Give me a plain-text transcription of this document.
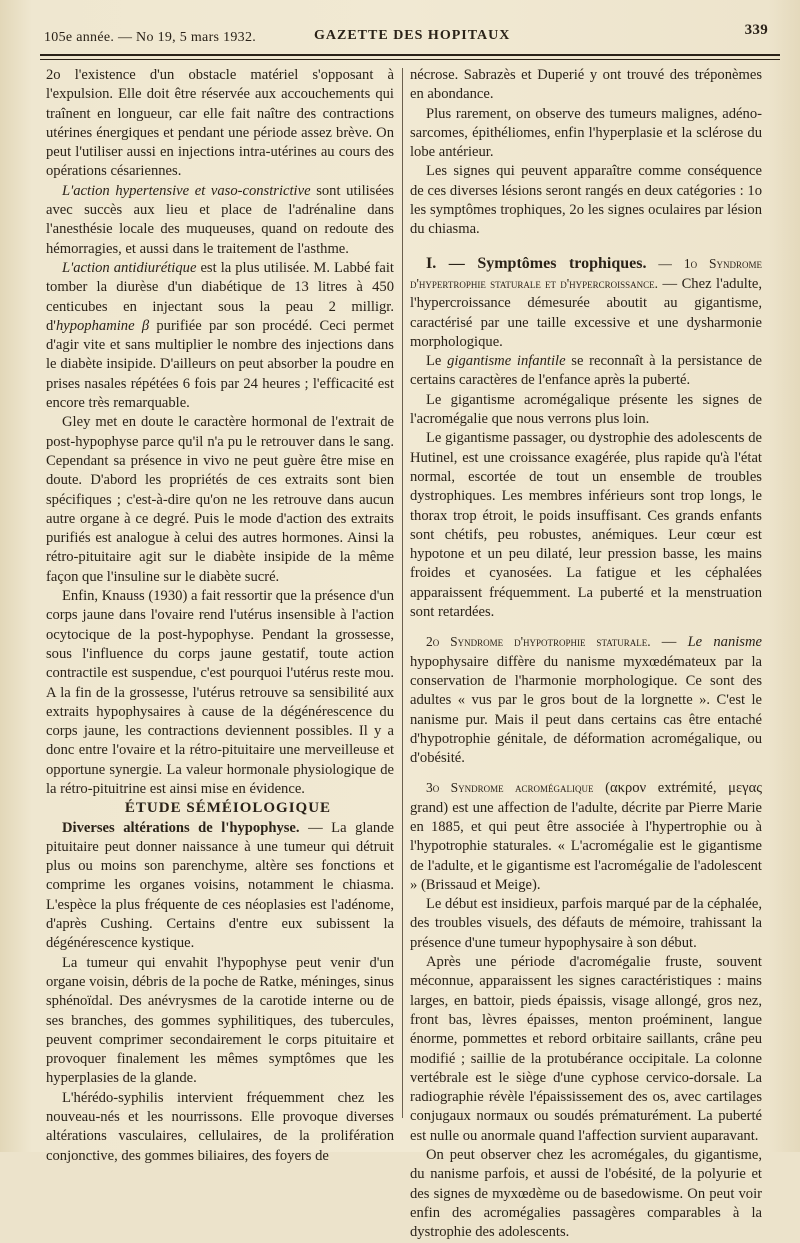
105e année. — No 19, 5 mars 1932.	GAZETTE DES HOPITAUX	339

2o l'existence d'un obstacle matériel s'opposant à l'expulsion. Elle doit être réservée aux accouchements qui traînent en longueur, car elle fait naître des contractions utérines énergiques et pendant une période assez brève. On peut l'utiliser aussi en injections intra-utérines au cours des opérations césariennes.

L'action hypertensive et vaso-constrictive sont utilisées avec succès aux lieu et place de l'adrénaline dans l'anesthésie locale des muqueuses, quand on redoute des hémorragies, et aussi dans le traitement de l'asthme.

L'action antidiurétique est la plus utilisée. M. Labbé fait tomber la diurèse d'un diabétique de 13 litres à 450 centicubes en injectant sous la peau 2 milligr. d'hypophamine β purifiée par son procédé. Ceci permet d'agir vite et sans multiplier le nombre des injections dans le diabète insipide. D'ailleurs on peut absorber la poudre en prises nasales répétées 6 fois par 24 heures ; l'efficacité est encore très remarquable.

Gley met en doute le caractère hormonal de l'extrait de post-hypophyse parce qu'il n'a pu le retrouver dans le sang. Cependant sa présence in vivo ne peut guère être mise en doute. D'abord les propriétés de ces extraits sont bien spécifiques ; c'est-à-dire qu'on ne les retrouve dans aucun autre organe à ce degré. Puis le mode d'action des extraits purifiés est analogue à celui des autres hormones. Ainsi la rétro-pituitaire agit sur le diabète insipide de la même façon que l'insuline sur le diabète sucré.

Enfin, Knauss (1930) a fait ressortir que la présence d'un corps jaune dans l'ovaire rend l'utérus insensible à l'action ocytocique de la post-hypophyse. Pendant la grossesse, sous l'influence du corps jaune gestatif, toute action contractile est suspendue, c'est pourquoi l'utérus reste mou. A la fin de la grossesse, l'utérus retrouve sa sensibilité aux extraits hypophysaires à cause de la dégénérescence du corps jaune, les contractions deviennent possibles. Il y a donc entre l'ovaire et la rétro-pituitaire une merveilleuse et opportune synergie. La valeur hormonale physiologique de la rétro-pituitrine est ainsi mise en évidence.

ÉTUDE SÉMÉIOLOGIQUE

Diverses altérations de l'hypophyse. — La glande pituitaire peut donner naissance à une tumeur qui détruit plus ou moins son parenchyme, altère ses fonctions et comprime les organes voisins, notamment le chiasma. L'espèce la plus fréquente de ces néoplasies est l'adénome, d'après Cushing. Certains d'entre eux subissent la dégénérescence kystique.

La tumeur qui envahit l'hypophyse peut venir d'un organe voisin, débris de la poche de Ratke, méninges, sinus sphénoïdal. Des anévrysmes de la carotide interne ou de ses branches, des gommes syphilitiques, des tubercules, peuvent comprimer secondairement le corps pituitaire et provoquer finalement les mêmes symptômes que les hyperplasies de la glande.

L'hérédo-syphilis intervient fréquemment chez les nouveau-nés et les nourrissons. Elle provoque diverses altérations vasculaires, cellulaires, de la prolifération conjonctive, des gommes biliaires, des foyers de

nécrose. Sabrazès et Duperié y ont trouvé des tréponèmes en abondance.

Plus rarement, on observe des tumeurs malignes, adéno-sarcomes, épithéliomes, enfin l'hyperplasie et la sclérose du lobe antérieur.

Les signes qui peuvent apparaître comme conséquence de ces diverses lésions seront rangés en deux catégories : 1o les symptômes trophiques, 2o les signes oculaires par lésion du chiasma.

I. — Symptômes trophiques. — 1o Syndrome d'hypertrophie staturale et d'hypercroissance. — Chez l'adulte, l'hypercroissance démesurée aboutit au gigantisme, caractérisé par une taille excessive et une dysharmonie morphologique.

Le gigantisme infantile se reconnaît à la persistance de certains caractères de l'enfance après la puberté.

Le gigantisme acromégalique présente les signes de l'acromégalie que nous verrons plus loin.

Le gigantisme passager, ou dystrophie des adolescents de Hutinel, est une croissance exagérée, plus rapide qu'à l'état normal, escortée de tout un ensemble de troubles dystrophiques. Les membres inférieurs sont trop longs, le thorax trop étroit, le poids insuffisant. Ces grands enfants sont chétifs, peu robustes, anémiques. Leur cœur est hypotone et un peu dilaté, leur pression basse, les mains froides et cyanosées. La fatigue et les céphalées apparaissent fréquemment. La puberté et la menstruation sont retardées.

2o Syndrome d'hypotrophie staturale. — Le nanisme hypophysaire diffère du nanisme myxœdémateux par la conservation de l'harmonie morphologique. Ce sont des adultes « vus par le gros bout de la lorgnette ». C'est le nanisme pur. Mais il peut dans certains cas être entaché d'hypotrophie génitale, de déformation acromégalique, ou d'obésité.

3o Syndrome acromégalique (ακρον extrémité, μεγας grand) est une affection de l'adulte, décrite par Pierre Marie en 1885, et qui peut être associée à l'hypertrophie ou à l'hypotrophie staturales. « L'acromégalie est le gigantisme de l'adulte, et le gigantisme est l'acromégalie de l'adolescent » (Brissaud et Meige).

Le début est insidieux, parfois marqué par de la céphalée, des troubles visuels, des défauts de mémoire, trahissant la présence d'une tumeur hypophysaire à son début.

Après une période d'acromégalie fruste, souvent méconnue, apparaissent les signes caractéristiques : mains larges, en battoir, pieds épaissis, visage allongé, gros nez, front bas, lèvres épaisses, menton proéminent, langue énorme, pommettes et rebord orbitaire saillants, crâne peu modifié ; saillie de la protubérance occipitale. La colonne vertébrale est le siège d'une cyphose cervico-dorsale. La radiographie révèle l'épaississement des os, avec cartilages conjugaux normaux ou soudés prématurément. La puberté est nulle ou anormale quand l'affection survient auparavant.

On peut observer chez les acromégales, du gigantisme, du nanisme parfois, et aussi de l'obésité, de la polyurie et des signes de myxœdème ou de basedowisme. On peut voir enfin des acromégalies passagères comparables à la dystrophie des adolescents.
